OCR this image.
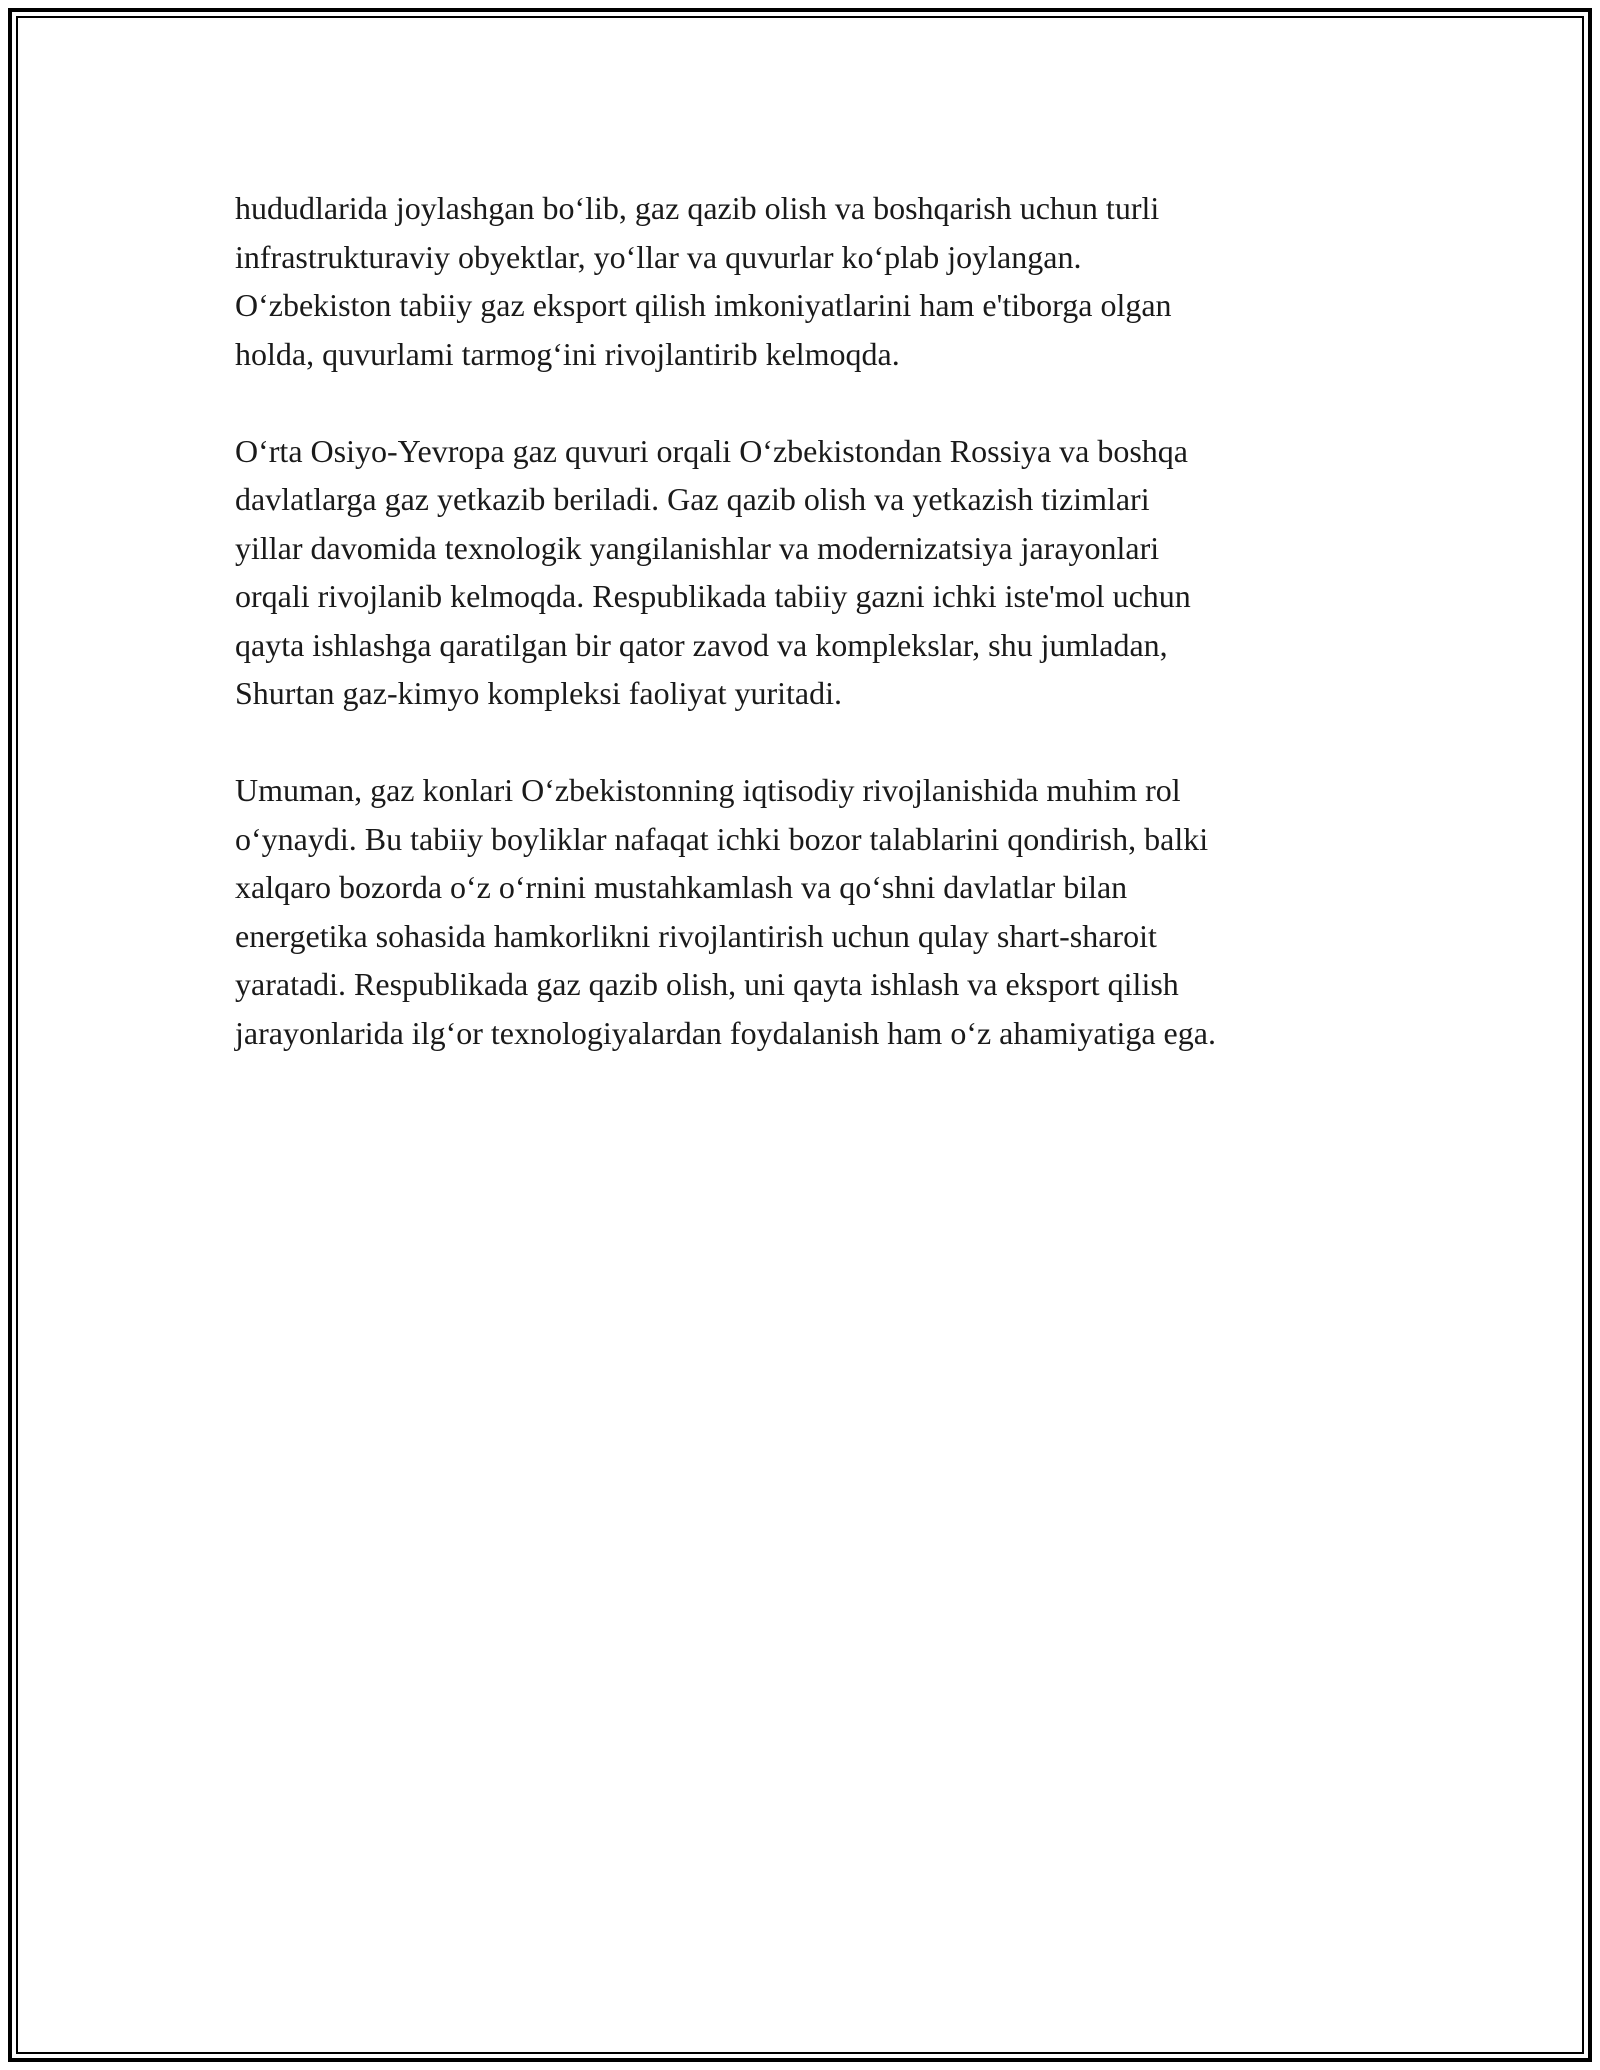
hududlarida joylashgan bo‘lib, gaz qazib olish va boshqarish uchun turli
infrastrukturaviy obyektlar, yo‘llar va quvurlar ko‘plab joylangan.
O‘zbekiston tabiiy gaz eksport qilish imkoniyatlarini ham e'tiborga olgan
holda, quvurlami tarmog‘ini rivojlantirib kelmoqda.

O‘rta Osiyo-Yevropa gaz quvuri orqali O‘zbekistondan Rossiya va boshqa
davlatlarga gaz yetkazib beriladi. Gaz qazib olish va yetkazish tizimlari
yillar davomida texnologik yangilanishlar va modernizatsiya jarayonlari
orqali rivojlanib kelmoqda. Respublikada tabiiy gazni ichki iste'mol uchun
qayta ishlashga qaratilgan bir qator zavod va komplekslar, shu jumladan,
Shurtan gaz-kimyo kompleksi faoliyat yuritadi.

Umuman, gaz konlari O‘zbekistonning iqtisodiy rivojlanishida muhim rol
o‘ynaydi. Bu tabiiy boyliklar nafaqat ichki bozor talablarini qondirish, balki
xalqaro bozorda o‘z o‘rnini mustahkamlash va qo‘shni davlatlar bilan
energetika sohasida hamkorlikni rivojlantirish uchun qulay shart-sharoit
yaratadi. Respublikada gaz qazib olish, uni qayta ishlash va eksport qilish
jarayonlarida ilg‘or texnologiyalardan foydalanish ham o‘z ahamiyatiga ega.
